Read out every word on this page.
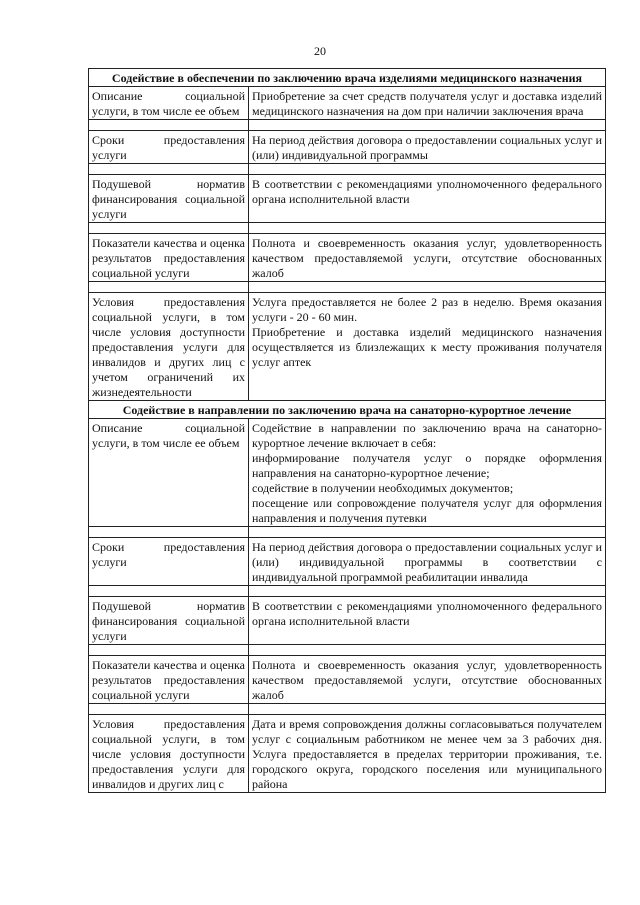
20
Содействие в обеспечении по заключению врача изделиями медицинского назначения	
Описание социальной услуги, в том числе ее объем	Приобретение за счет средств получателя услуг и доставка изделий медицинского назначения на дом при наличии заключения врача

Сроки предоставления услуги	На период действия договора о предоставлении социальных услуг и (или) индивидуальной программы

Подушевой норматив финансирования социальной услуги	В соответствии с рекомендациями уполномоченного федерального органа исполнительной власти

Показатели качества и оценка результатов предоставления социальной услуги	Полнота и своевременность оказания услуг, удовлетворенность качеством предоставляемой услуги, отсутствие обоснованных жалоб

Условия предоставления социальной услуги, в том числе условия доступности предоставления услуги для инвалидов и других лиц с учетом ограничений их жизнедеятельности	Услуга предоставляется не более 2 раз в неделю. Время оказания услуги - 20 - 60 мин.
Приобретение и доставка изделий медицинского назначения осуществляется из близлежащих к месту проживания получателя услуг аптек

Содействие в направлении по заключению врача на санаторно-курортное лечение	
Описание социальной услуги, в том числе ее объем	Содействие в направлении по заключению врача на санаторно-курортное лечение включает в себя:
информирование получателя услуг о порядке оформления направления на санаторно-курортное лечение;
содействие в получении необходимых документов;
посещение или сопровождение получателя услуг для оформления направления и получения путевки

Сроки предоставления услуги	На период действия договора о предоставлении социальных услуг и (или) индивидуальной программы в соответствии с индивидуальной программой реабилитации инвалида

Подушевой норматив финансирования социальной услуги	В соответствии с рекомендациями уполномоченного федерального органа исполнительной власти

Показатели качества и оценка результатов предоставления социальной услуги	Полнота и своевременность оказания услуг, удовлетворенность качеством предоставляемой услуги, отсутствие обоснованных жалоб

Условия предоставления социальной услуги, в том числе условия доступности предоставления услуги для инвалидов и других лиц с	Дата и время сопровождения должны согласовываться получателем услуг с социальным работником не менее чем за 3 рабочих дня. Услуга предоставляется в пределах территории проживания, т.е. городского округа, городского поселения или муниципального района
